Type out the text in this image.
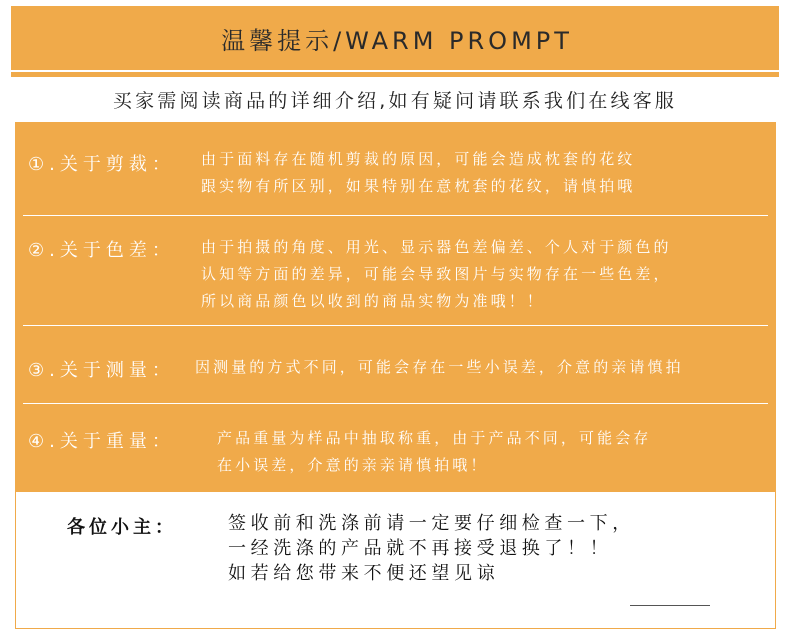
温馨提示/WARM PROMPT
买家需阅读商品的详细介绍,如有疑问请联系我们在线客服
①.关于剪裁： 由于面料存在随机剪裁的原因，可能会造成枕套的花纹
跟实物有所区别，如果特别在意枕套的花纹，请慎拍哦
②.关于色差： 由于拍摄的角度、用光、显示器色差偏差、个人对于颜色的
认知等方面的差异，可能会导致图片与实物存在一些色差，
所以商品颜色以收到的商品实物为准哦！！
③.关于测量： 因测量的方式不同，可能会存在一些小误差，介意的亲请慎拍
④.关于重量：	产品重量为样品中抽取称重，由于产品不同，可能会存
在小误差，介意的亲亲请慎拍哦！
各位小主：	签收前和洗涤前请一定要仔细检查一下，
一经洗涤的产品就不再接受退换了！！
如若给您带来不便还望见谅
